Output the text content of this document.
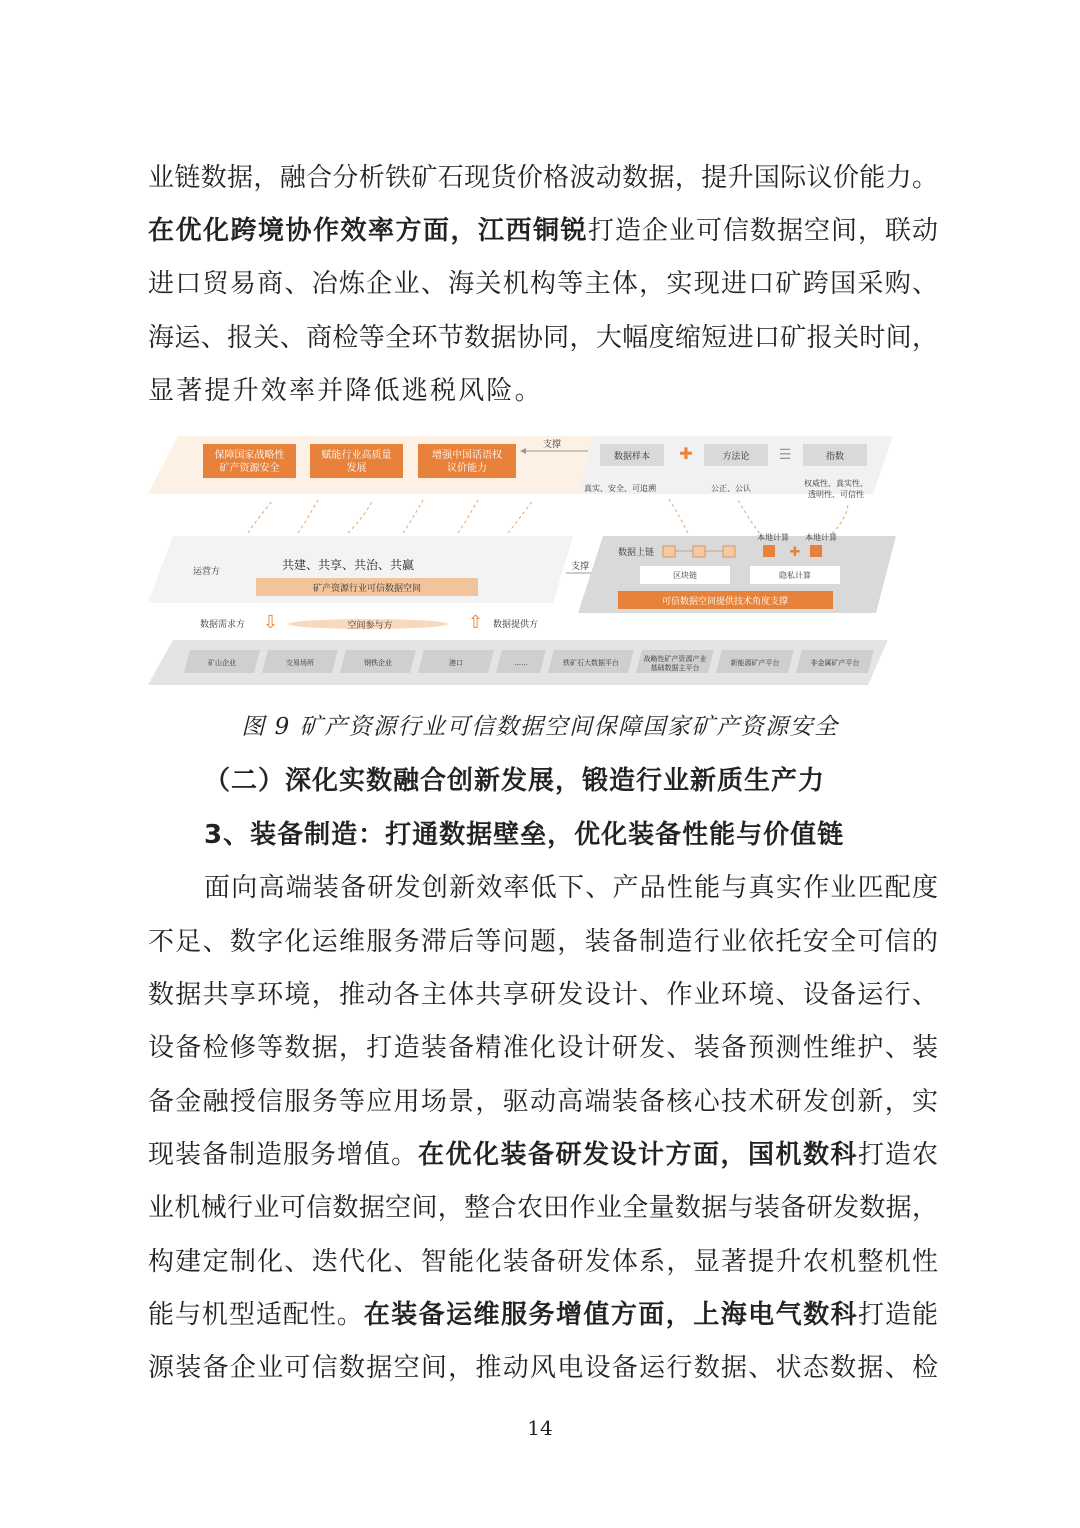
业链数据，融合分析铁矿石现货价格波动数据，提升国际议价能力。
在优化跨境协作效率方面，江西铜锐打造企业可信数据空间，联动
进口贸易商、冶炼企业、海关机构等主体，实现进口矿跨国采购、
海运、报关、商检等全环节数据协同，大幅度缩短进口矿报关时间，
显著提升效率并降低逃税风险。
保障国家战略性
矿产资源安全
赋能行业高质量
发展
增强中国话语权
议价能力
支撑
数据样本 ✚	方法论 ☰	指数
真实、安全、可追溯	公正、公认
权威性、真实性、
透明性、可信性
运营方	共建、共享、共治、共赢
矿产资源行业可信数据空间
支撑
数据上链
本地计算 本地计算
✚
区块链	隐私计算
可信数据空间提供技术角度支撑
数据需求方 ⇩	空间参与方	⇧ 数据提供方
矿山企业	交易场所	钢铁企业	港口	……	铁矿石大数据平台	战略性矿产资源产业
基础数据主平台
新能源矿产平台	非金属矿产平台
图 9 矿产资源行业可信数据空间保障国家矿产资源安全
（二）深化实数融合创新发展，锻造行业新质生产力
3、装备制造：打通数据壁垒，优化装备性能与价值链
面向高端装备研发创新效率低下、产品性能与真实作业匹配度
不足、数字化运维服务滞后等问题，装备制造行业依托安全可信的
数据共享环境，推动各主体共享研发设计、作业环境、设备运行、
设备检修等数据，打造装备精准化设计研发、装备预测性维护、装
备金融授信服务等应用场景，驱动高端装备核心技术研发创新，实
现装备制造服务增值。在优化装备研发设计方面，国机数科打造农
业机械行业可信数据空间，整合农田作业全量数据与装备研发数据，
构建定制化、迭代化、智能化装备研发体系，显著提升农机整机性
能与机型适配性。在装备运维服务增值方面，上海电气数科打造能
源装备企业可信数据空间，推动风电设备运行数据、状态数据、检
14
